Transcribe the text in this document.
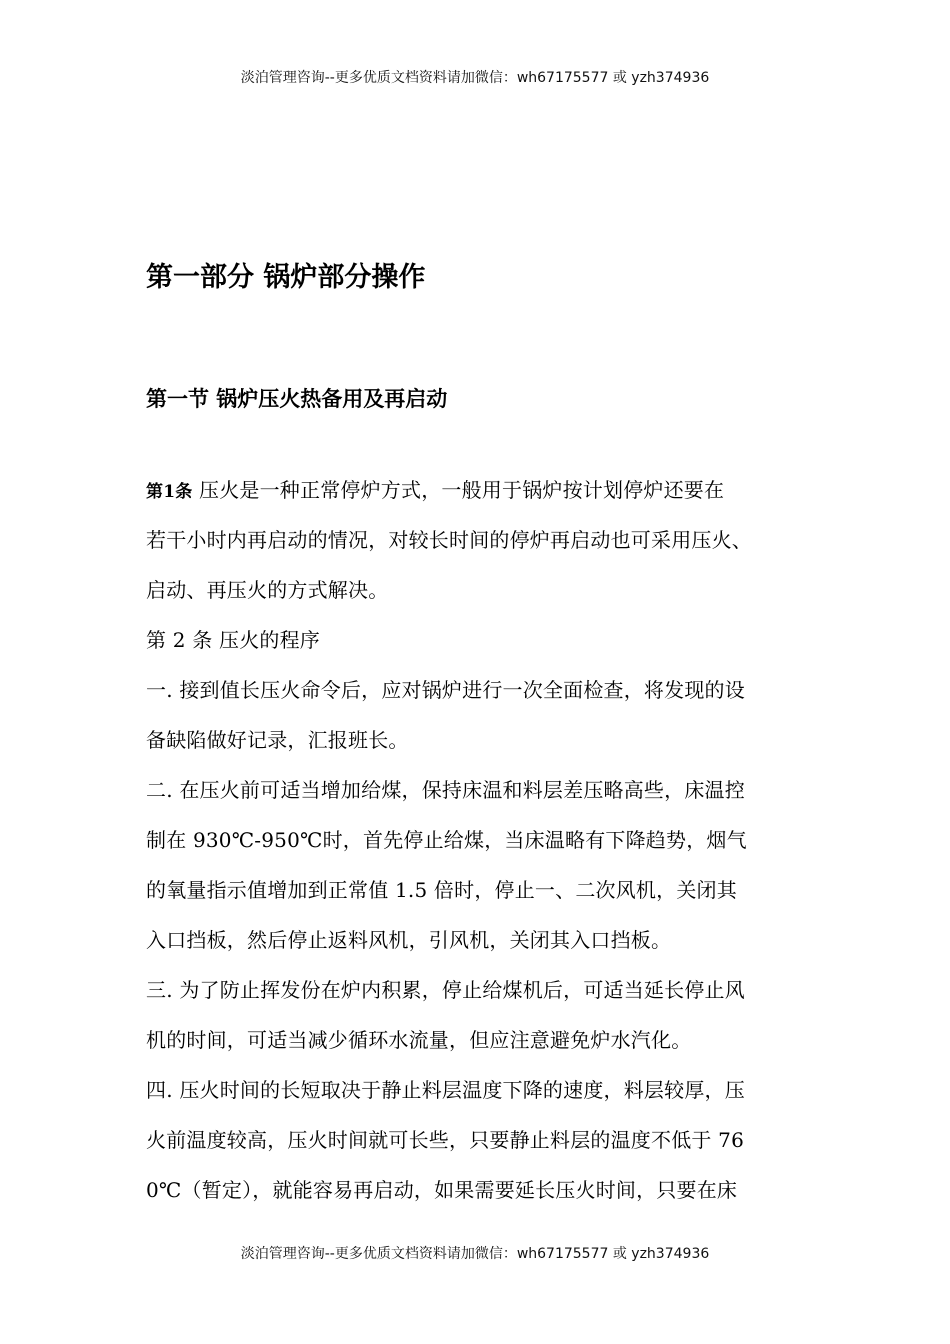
淡泊管理咨询--更多优质文档资料请加微信：wh67175577 或 yzh374936
第一部分 锅炉部分操作
第一节 锅炉压火热备用及再启动
第1条 压火是一种正常停炉方式，一般用于锅炉按计划停炉还要在
若干小时内再启动的情况，对较长时间的停炉再启动也可采用压火、
启动、再压火的方式解决。
第 2 条 压火的程序
一. 接到值长压火命令后，应对锅炉进行一次全面检查，将发现的设
备缺陷做好记录，汇报班长。
二. 在压火前可适当增加给煤，保持床温和料层差压略高些，床温控
制在 930℃-950℃时，首先停止给煤，当床温略有下降趋势，烟气
的氧量指示值增加到正常值 1.5 倍时，停止一、二次风机，关闭其
入口挡板，然后停止返料风机，引风机，关闭其入口挡板。
三. 为了防止挥发份在炉内积累，停止给煤机后，可适当延长停止风
机的时间，可适当减少循环水流量，但应注意避免炉水汽化。
四. 压火时间的长短取决于静止料层温度下降的速度，料层较厚，压
火前温度较高，压火时间就可长些，只要静止料层的温度不低于 76
0℃（暂定），就能容易再启动，如果需要延长压火时间，只要在床
淡泊管理咨询--更多优质文档资料请加微信：wh67175577 或 yzh374936
